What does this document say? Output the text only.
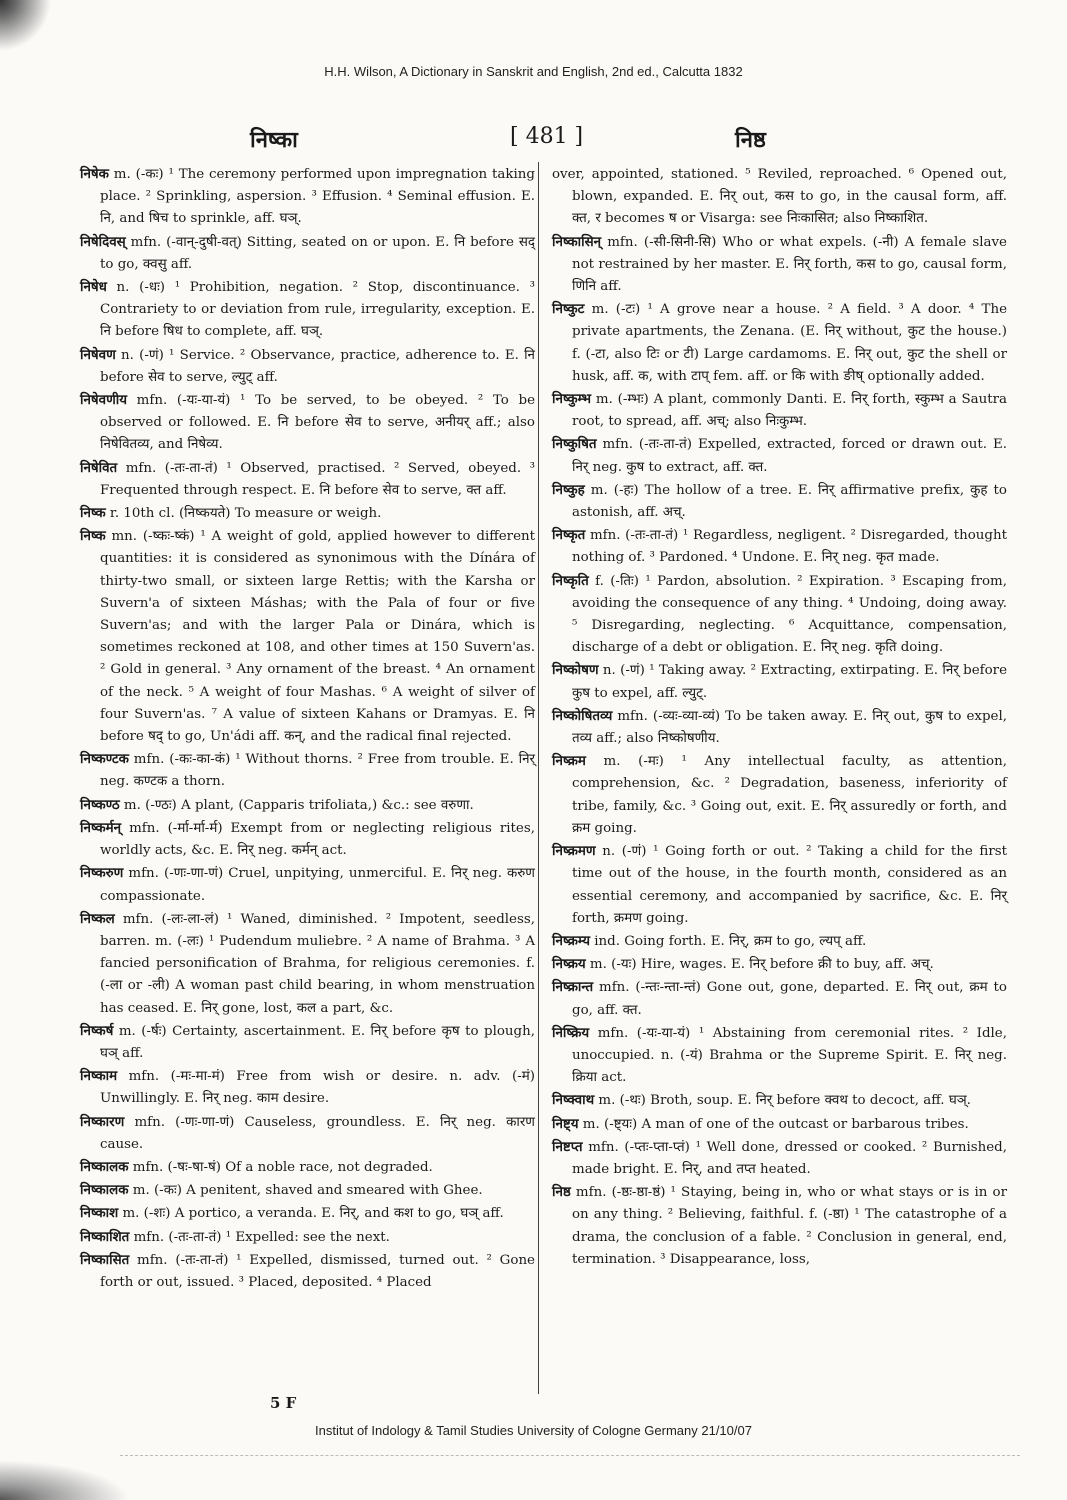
H.H. Wilson, A Dictionary in Sanskrit and English, 2nd ed., Calcutta 1832
निष्का	[ 481 ]	निष्ठ

निषेक m. (-कः) ¹ The ceremony performed upon impregnation taking place. ² Sprinkling, aspersion. ³ Effusion. ⁴ Seminal effusion. E. नि, and षिच to sprinkle, aff. घञ्.

निषेदिवस् mfn. (-वान्-दुषी-वत्) Sitting, seated on or upon. E. नि before सद् to go, क्वसु aff.

निषेध n. (-धः) ¹ Prohibition, negation. ² Stop, discontinuance. ³ Contrariety to or deviation from rule, irregularity, exception. E. नि before षिध to complete, aff. घञ्.

निषेवण n. (-णं) ¹ Service. ² Observance, practice, adherence to. E. नि before सेव to serve, ल्युट् aff.

निषेवणीय mfn. (-यः-या-यं) ¹ To be served, to be obeyed. ² To be observed or followed. E. नि before सेव to serve, अनीयर् aff.; also निषेवितव्य, and निषेव्य.

निषेवित mfn. (-तः-ता-तं) ¹ Observed, practised. ² Served, obeyed. ³ Frequented through respect. E. नि before सेव to serve, क्त aff.

निष्क r. 10th cl. (निष्कयते) To measure or weigh.

निष्क mn. (-ष्कः-ष्कं) ¹ A weight of gold, applied however to different quantities: it is considered as synonimous with the Dínára of thirty-two small, or sixteen large Rettis; with the Karsha or Suvern'a of sixteen Máshas; with the Pala of four or five Suvern'as; and with the larger Pala or Dinára, which is sometimes reckoned at 108, and other times at 150 Suvern'as. ² Gold in general. ³ Any ornament of the breast. ⁴ An ornament of the neck. ⁵ A weight of four Mashas. ⁶ A weight of silver of four Suvern'as. ⁷ A value of sixteen Kahans or Dramyas. E. नि before षद् to go, Un'ádi aff. कन्, and the radical final rejected.

निष्कण्टक mfn. (-कः-का-कं) ¹ Without thorns. ² Free from trouble. E. निर् neg. कण्टक a thorn.

निष्कण्ठ m. (-ण्ठः) A plant, (Capparis trifoliata,) &c.: see वरुणा.

निष्कर्मन् mfn. (-र्मा-र्मा-र्म) Exempt from or neglecting religious rites, worldly acts, &c. E. निर् neg. कर्मन् act.

निष्करुण mfn. (-णः-णा-णं) Cruel, unpitying, unmerciful. E. निर् neg. करुण compassionate.

निष्कल mfn. (-लः-ला-लं) ¹ Waned, diminished. ² Impotent, seedless, barren. m. (-लः) ¹ Pudendum muliebre. ² A name of Brahma. ³ A fancied personification of Brahma, for religious ceremonies. f. (-ला or -ली) A woman past child bearing, in whom menstruation has ceased. E. निर् gone, lost, कल a part, &c.

निष्कर्ष m. (-र्षः) Certainty, ascertainment. E. निर् before कृष to plough, घञ् aff.

निष्काम mfn. (-मः-मा-मं) Free from wish or desire. n. adv. (-मं) Unwillingly. E. निर् neg. काम desire.

निष्कारण mfn. (-णः-णा-णं) Causeless, groundless. E. निर् neg. कारण cause.

निष्कालक mfn. (-षः-षा-षं) Of a noble race, not degraded.

निष्कालक m. (-कः) A penitent, shaved and smeared with Ghee.

निष्काश m. (-शः) A portico, a veranda. E. निर्, and कश to go, घञ् aff.

निष्काशित mfn. (-तः-ता-तं) ¹ Expelled: see the next.

निष्कासित mfn. (-तः-ता-तं) ¹ Expelled, dismissed, turned out. ² Gone forth or out, issued. ³ Placed, deposited. ⁴ Placed

over, appointed, stationed. ⁵ Reviled, reproached. ⁶ Opened out, blown, expanded. E. निर् out, कस to go, in the causal form, aff. क्त, र becomes ष or Visarga: see निःकासित; also निष्काशित.

निष्कासिन् mfn. (-सी-सिनी-सि) Who or what expels. (-नी) A female slave not restrained by her master. E. निर् forth, कस to go, causal form, णिनि aff.

निष्कुट m. (-टः) ¹ A grove near a house. ² A field. ³ A door. ⁴ The private apartments, the Zenana. (E. निर् without, कुट the house.) f. (-टा, also टिः or टी) Large cardamoms. E. निर् out, कुट the shell or husk, aff. क, with टाप् fem. aff. or कि with ङीष् optionally added.

निष्कुम्भ m. (-म्भः) A plant, commonly Danti. E. निर् forth, स्कुम्भ a Sautra root, to spread, aff. अच्; also निःकुम्भ.

निष्कुषित mfn. (-तः-ता-तं) Expelled, extracted, forced or drawn out. E. निर् neg. कुष to extract, aff. क्त.

निष्कुह m. (-हः) The hollow of a tree. E. निर् affirmative prefix, कुह to astonish, aff. अच्.

निष्कृत mfn. (-तः-ता-तं) ¹ Regardless, negligent. ² Disregarded, thought nothing of. ³ Pardoned. ⁴ Undone. E. निर् neg. कृत made.

निष्कृति f. (-तिः) ¹ Pardon, absolution. ² Expiration. ³ Escaping from, avoiding the consequence of any thing. ⁴ Undoing, doing away. ⁵ Disregarding, neglecting. ⁶ Acquittance, compensation, discharge of a debt or obligation. E. निर् neg. कृति doing.

निष्कोषण n. (-णं) ¹ Taking away. ² Extracting, extirpating. E. निर् before कुष to expel, aff. ल्युट्.

निष्कोषितव्य mfn. (-व्यः-व्या-व्यं) To be taken away. E. निर् out, कुष to expel, तव्य aff.; also निष्कोषणीय.

निष्क्रम m. (-मः) ¹ Any intellectual faculty, as attention, comprehension, &c. ² Degradation, baseness, inferiority of tribe, family, &c. ³ Going out, exit. E. निर् assuredly or forth, and क्रम going.

निष्क्रमण n. (-णं) ¹ Going forth or out. ² Taking a child for the first time out of the house, in the fourth month, considered as an essential ceremony, and accompanied by sacrifice, &c. E. निर् forth, क्रमण going.

निष्क्रम्य ind. Going forth. E. निर्, क्रम to go, ल्यप् aff.

निष्क्रय m. (-यः) Hire, wages. E. निर् before क्री to buy, aff. अच्.

निष्क्रान्त mfn. (-न्तः-न्ता-न्तं) Gone out, gone, departed. E. निर् out, क्रम to go, aff. क्त.

निष्क्रिय mfn. (-यः-या-यं) ¹ Abstaining from ceremonial rites. ² Idle, unoccupied. n. (-यं) Brahma or the Supreme Spirit. E. निर् neg. क्रिया act.

निष्क्वाथ m. (-थः) Broth, soup. E. निर् before क्वथ to decoct, aff. घञ्.

निष्ट्य m. (-ष्ट्यः) A man of one of the outcast or barbarous tribes.

निष्टप्त mfn. (-प्तः-प्ता-प्तं) ¹ Well done, dressed or cooked. ² Burnished, made bright. E. निर्, and तप्त heated.

निष्ठ mfn. (-ष्ठः-ष्ठा-ष्ठं) ¹ Staying, being in, who or what stays or is in or on any thing. ² Believing, faithful. f. (-ष्ठा) ¹ The catastrophe of a drama, the conclusion of a fable. ² Conclusion in general, end, termination. ³ Disappearance, loss,

5 F
Institut of Indology & Tamil Studies University of Cologne Germany 21/10/07
